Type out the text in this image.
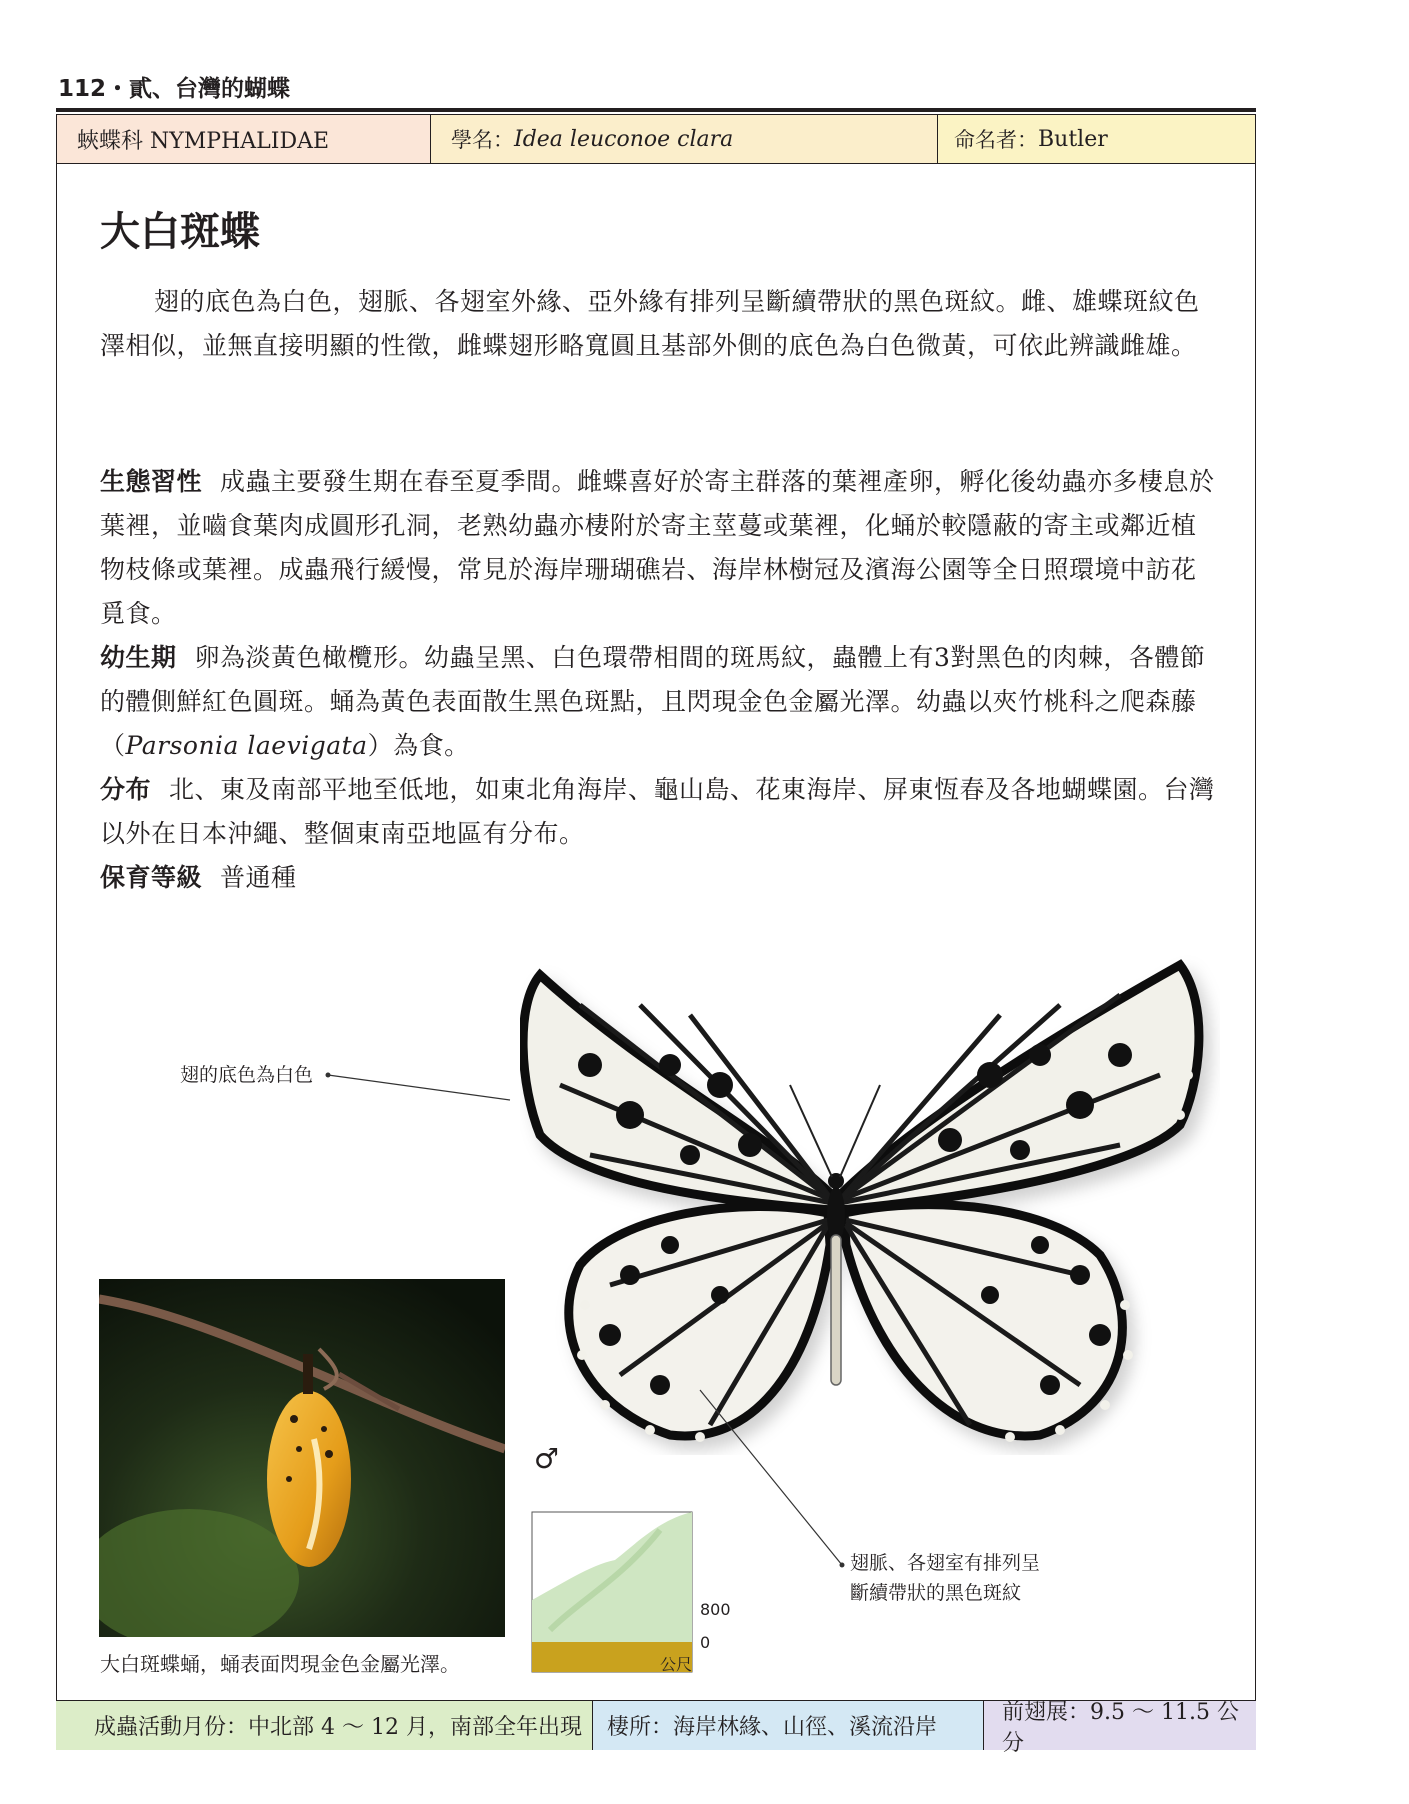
112・貳、台灣的蝴蝶
蛺蝶科 NYMPHALIDAE	學名： Idea leuconoe clara	命名者： Butler
大白斑蝶

翅的底色為白色，翅脈、各翅室外緣、亞外緣有排列呈斷續帶狀的黑色斑紋。雌、雄蝶斑紋色澤相似，並無直接明顯的性徵，雌蝶翅形略寬圓且基部外側的底色為白色微黃，可依此辨識雌雄。

生態習性 成蟲主要發生期在春至夏季間。雌蝶喜好於寄主群落的葉裡產卵，孵化後幼蟲亦多棲息於葉裡，並嚙食葉肉成圓形孔洞，老熟幼蟲亦棲附於寄主莖蔓或葉裡，化蛹於較隱蔽的寄主或鄰近植物枝條或葉裡。成蟲飛行緩慢，常見於海岸珊瑚礁岩、海岸林樹冠及濱海公園等全日照環境中訪花覓食。

幼生期 卵為淡黃色橄欖形。幼蟲呈黑、白色環帶相間的斑馬紋，蟲體上有3對黑色的肉棘，各體節的體側鮮紅色圓斑。蛹為黃色表面散生黑色斑點，且閃現金色金屬光澤。幼蟲以夾竹桃科之爬森藤（Parsonia laevigata）為食。

分布 北、東及南部平地至低地，如東北角海岸、龜山島、花東海岸、屏東恆春及各地蝴蝶園。台灣以外在日本沖繩、整個東南亞地區有分布。

保育等級 普通種

翅的底色為白色
翅脈、各翅室有排列呈
斷續帶狀的黑色斑紋
♂
大白斑蝶蛹，蛹表面閃現金色金屬光澤。
800
0
公尺
成蟲活動月份：中北部 4 ～ 12 月，南部全年出現	棲所：海岸林緣、山徑、溪流沿岸
前翅展：9.5 ～ 11.5 公分
